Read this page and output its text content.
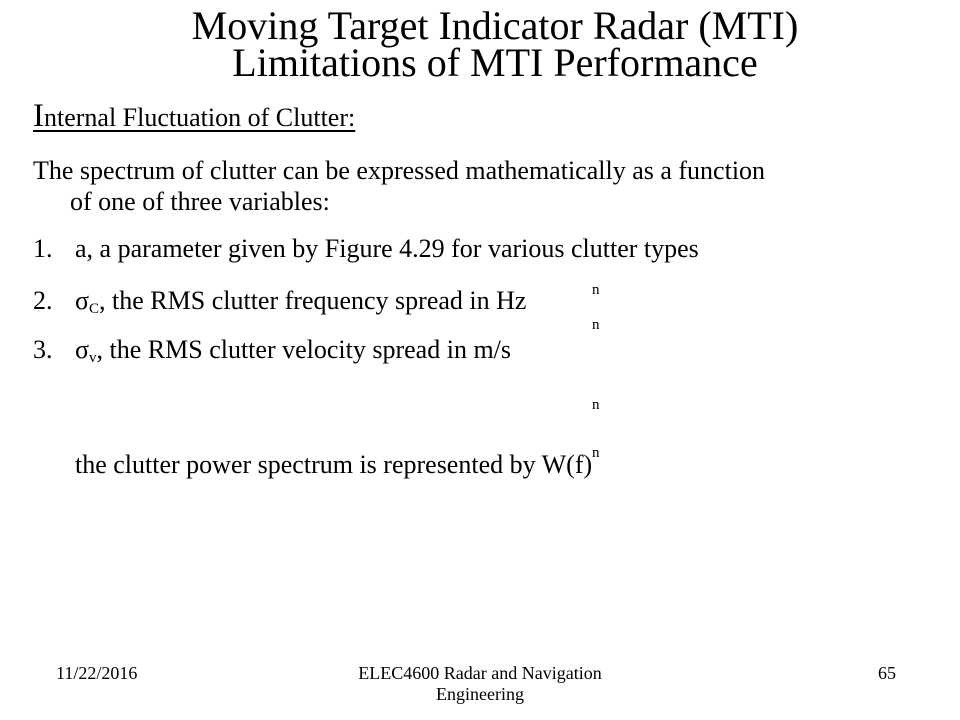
Moving Target Indicator Radar (MTI)
Limitations of MTI Performance
Internal Fluctuation of Clutter:
The spectrum of clutter can be expressed mathematically as a function
of one of three variables:
1. a, a parameter given by Figure 4.29 for various clutter types
2. $\sigma_C$, the RMS clutter frequency spread in Hz
3. $\sigma_v$, the RMS clutter velocity spread in m/s
the clutter power spectrum is represented by W(f)
n
n
n
n
11/22/2016	ELEC4600 Radar and Navigation Engineering
65
